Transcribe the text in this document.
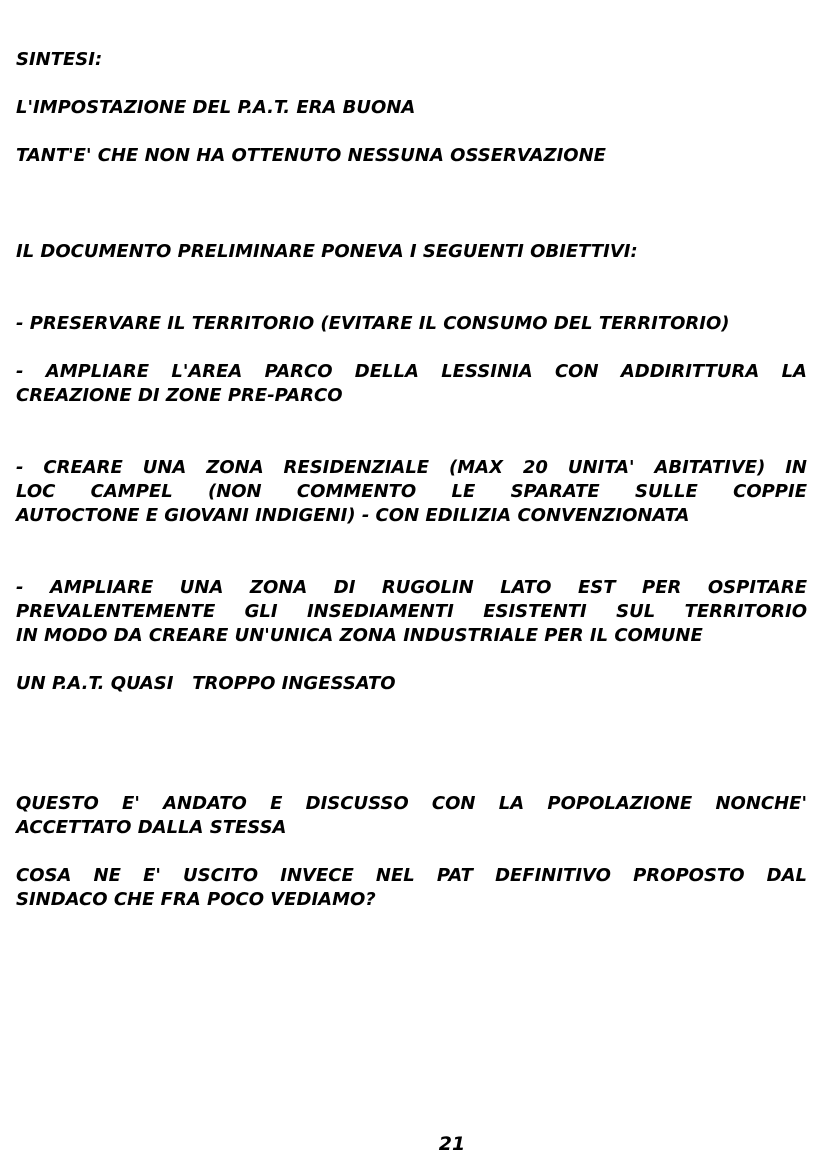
SINTESI:
L'IMPOSTAZIONE DEL P.A.T. ERA BUONA
TANT'E' CHE NON HA OTTENUTO NESSUNA OSSERVAZIONE
IL DOCUMENTO PRELIMINARE PONEVA I SEGUENTI OBIETTIVI:
- PRESERVARE IL TERRITORIO (EVITARE IL CONSUMO DEL TERRITORIO)
- AMPLIARE L'AREA PARCO DELLA LESSINIA CON ADDIRITTURA LA
CREAZIONE DI ZONE PRE-PARCO
- CREARE UNA ZONA RESIDENZIALE (MAX 20 UNITA' ABITATIVE) IN
LOC CAMPEL (NON COMMENTO LE SPARATE SULLE COPPIE
AUTOCTONE E GIOVANI INDIGENI) - CON EDILIZIA CONVENZIONATA
- AMPLIARE UNA ZONA DI RUGOLIN LATO EST PER OSPITARE
PREVALENTEMENTE GLI INSEDIAMENTI ESISTENTI SUL TERRITORIO
IN MODO DA CREARE UN'UNICA ZONA INDUSTRIALE PER IL COMUNE
UN P.A.T. QUASI   TROPPO INGESSATO
QUESTO E' ANDATO E DISCUSSO CON LA POPOLAZIONE NONCHE'
ACCETTATO DALLA STESSA
COSA NE E' USCITO INVECE NEL PAT DEFINITIVO PROPOSTO DAL
SINDACO CHE FRA POCO VEDIAMO?
21
